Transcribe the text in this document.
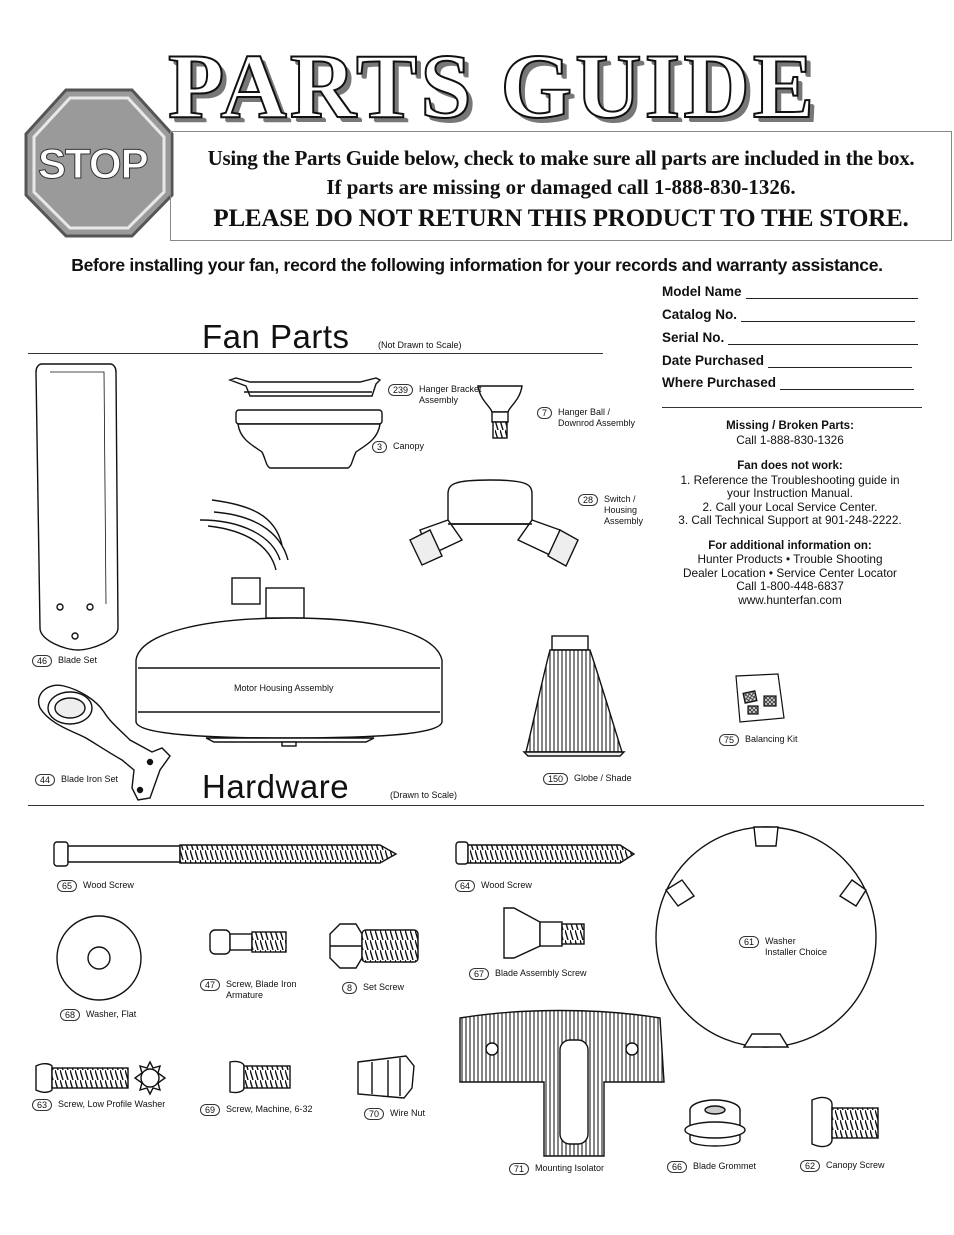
PARTS GUIDE
STOP	Using the Parts Guide below, check to make sure all parts are included in the box.
If parts are missing or damaged call 1-888-830-1326.
PLEASE DO NOT RETURN THIS PRODUCT TO THE STORE.
Before installing your fan, record the following information for your records and warranty assistance.
Model Name
Catalog No.
Serial No.
Date Purchased
Where Purchased
Fan Parts	(Not Drawn to Scale)
Hardware	(Drawn to Scale)
Missing / Broken Parts:
Call 1-888-830-1326
Fan does not work:
1. Reference the Troubleshooting guide in
your Instruction Manual.
2. Call your Local Service Center.
3. Call Technical Support at 901-248-2222.
For additional information on:
Hunter Products • Trouble Shooting
Dealer Location • Service Center Locator
Call 1-800-448-6837
www.hunterfan.com
239 Hanger Bracket
Assembly
3 Canopy
7 Hanger Ball /
Downrod Assembly
28 Switch /
Housing
Assembly
46 Blade Set
Motor Housing Assembly
44 Blade Iron Set	150 Globe / Shade
75 Balancing Kit
65 Wood Screw	64 Wood Screw
61 Washer
Installer Choice
47 Screw, Blade Iron
Armature
8 Set Screw
67 Blade Assembly Screw
68 Washer, Flat
63 Screw, Low Profile Washer
69 Screw, Machine, 6-32	70 Wire Nut
71 Mounting Isolator	66 Blade Grommet	62 Canopy Screw
